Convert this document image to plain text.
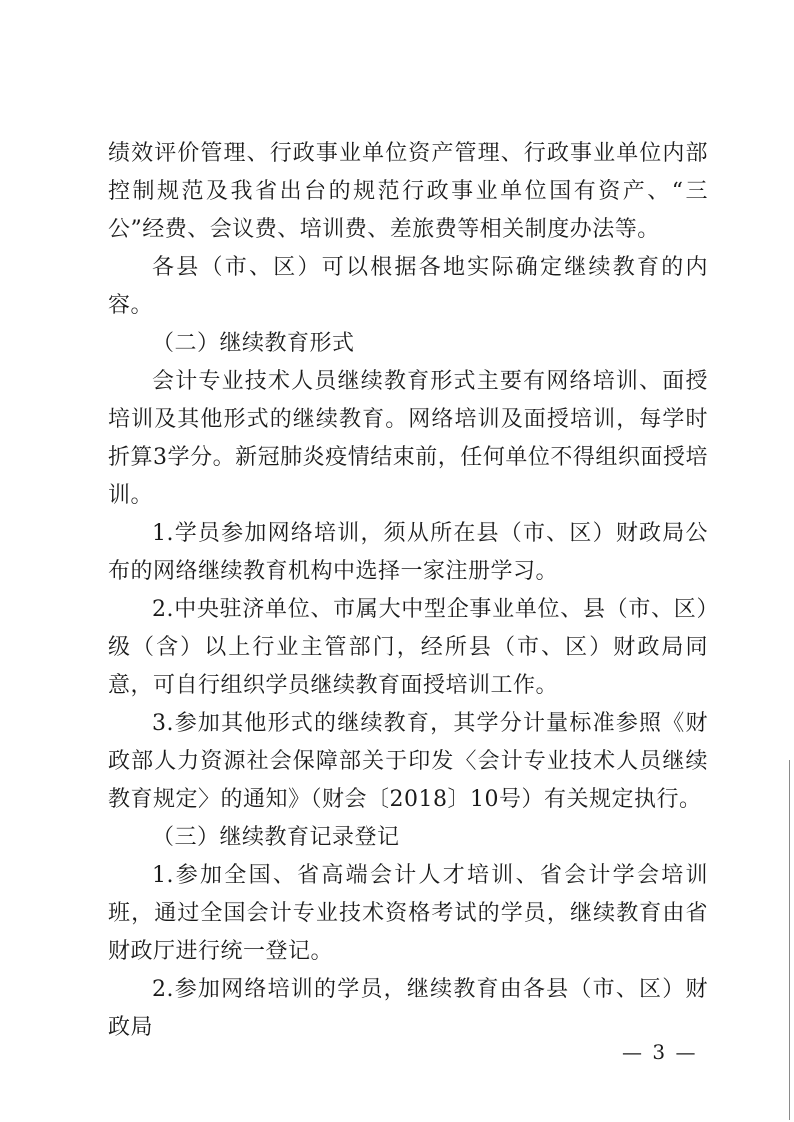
绩效评价管理、行政事业单位资产管理、行政事业单位内部控制规范及我省出台的规范行政事业单位国有资产、“三公”经费、会议费、培训费、差旅费等相关制度办法等。

各县（市、区）可以根据各地实际确定继续教育的内容。

（二）继续教育形式

会计专业技术人员继续教育形式主要有网络培训、面授培训及其他形式的继续教育。网络培训及面授培训，每学时折算3学分。新冠肺炎疫情结束前，任何单位不得组织面授培训。

1.学员参加网络培训，须从所在县（市、区）财政局公布的网络继续教育机构中选择一家注册学习。

2.中央驻济单位、市属大中型企事业单位、县（市、区）级（含）以上行业主管部门，经所县（市、区）财政局同意，可自行组织学员继续教育面授培训工作。

3.参加其他形式的继续教育，其学分计量标准参照《财政部人力资源社会保障部关于印发〈会计专业技术人员继续教育规定〉的通知》（财会〔2018〕10号）有关规定执行。

（三）继续教育记录登记

1.参加全国、省高端会计人才培训、省会计学会培训班，通过全国会计专业技术资格考试的学员，继续教育由省财政厅进行统一登记。

2.参加网络培训的学员，继续教育由各县（市、区）财政局

— 3 —
